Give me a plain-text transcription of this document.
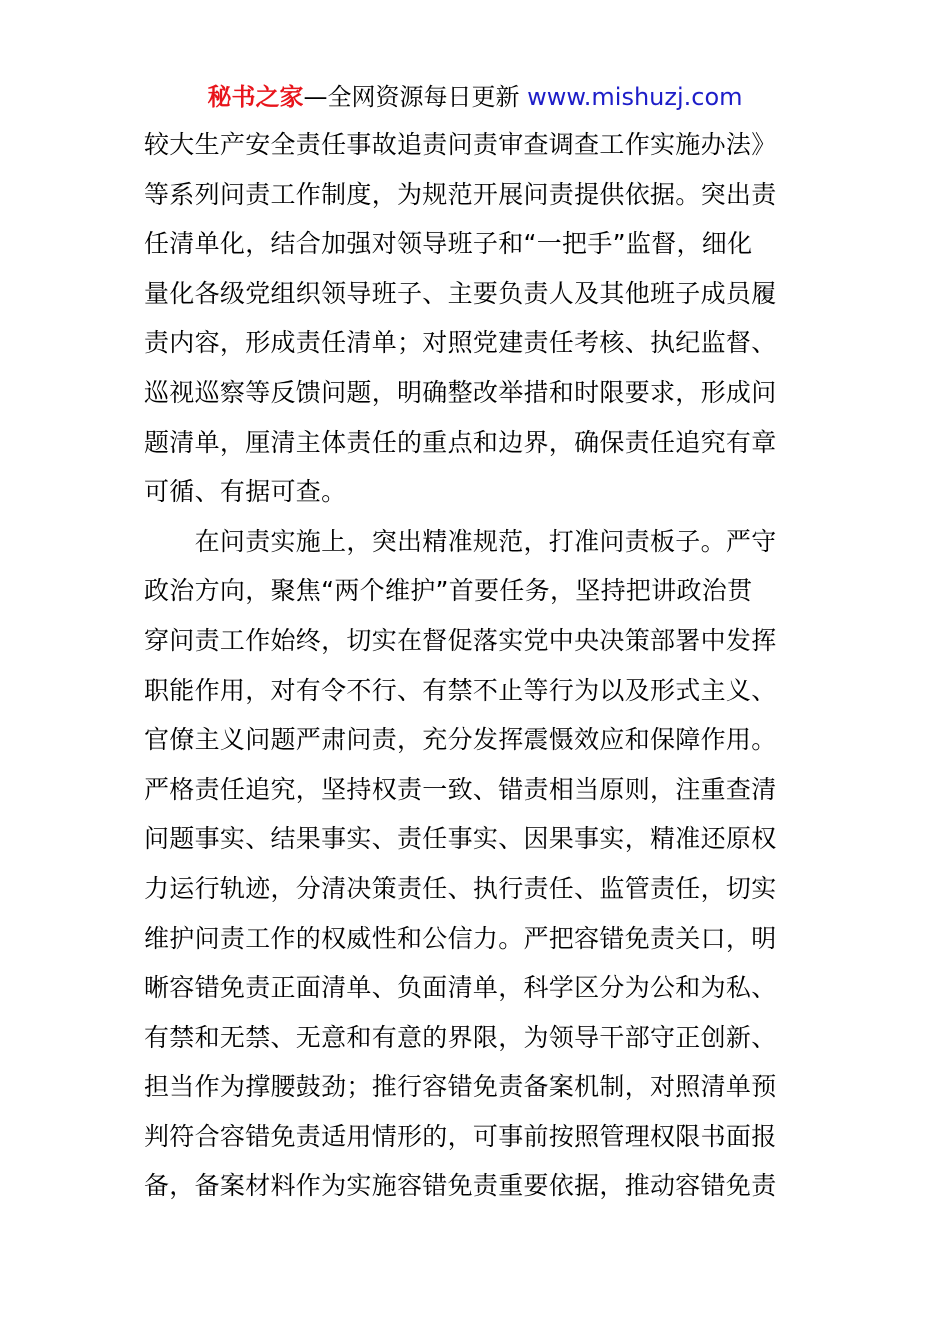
秘书之家—全网资源每日更新 www.mishuzj.com
较大生产安全责任事故追责问责审查调查工作实施办法》
等系列问责工作制度，为规范开展问责提供依据。突出责
任清单化，结合加强对领导班子和“一把手”监督，细化
量化各级党组织领导班子、主要负责人及其他班子成员履
责内容，形成责任清单；对照党建责任考核、执纪监督、
巡视巡察等反馈问题，明确整改举措和时限要求，形成问
题清单，厘清主体责任的重点和边界，确保责任追究有章
可循、有据可查。
　　在问责实施上，突出精准规范，打准问责板子。严守
政治方向，聚焦“两个维护”首要任务，坚持把讲政治贯
穿问责工作始终，切实在督促落实党中央决策部署中发挥
职能作用，对有令不行、有禁不止等行为以及形式主义、
官僚主义问题严肃问责，充分发挥震慑效应和保障作用。
严格责任追究，坚持权责一致、错责相当原则，注重查清
问题事实、结果事实、责任事实、因果事实，精准还原权
力运行轨迹，分清决策责任、执行责任、监管责任，切实
维护问责工作的权威性和公信力。严把容错免责关口，明
晰容错免责正面清单、负面清单，科学区分为公和为私、
有禁和无禁、无意和有意的界限，为领导干部守正创新、
担当作为撑腰鼓劲；推行容错免责备案机制，对照清单预
判符合容错免责适用情形的，可事前按照管理权限书面报
备，备案材料作为实施容错免责重要依据，推动容错免责
